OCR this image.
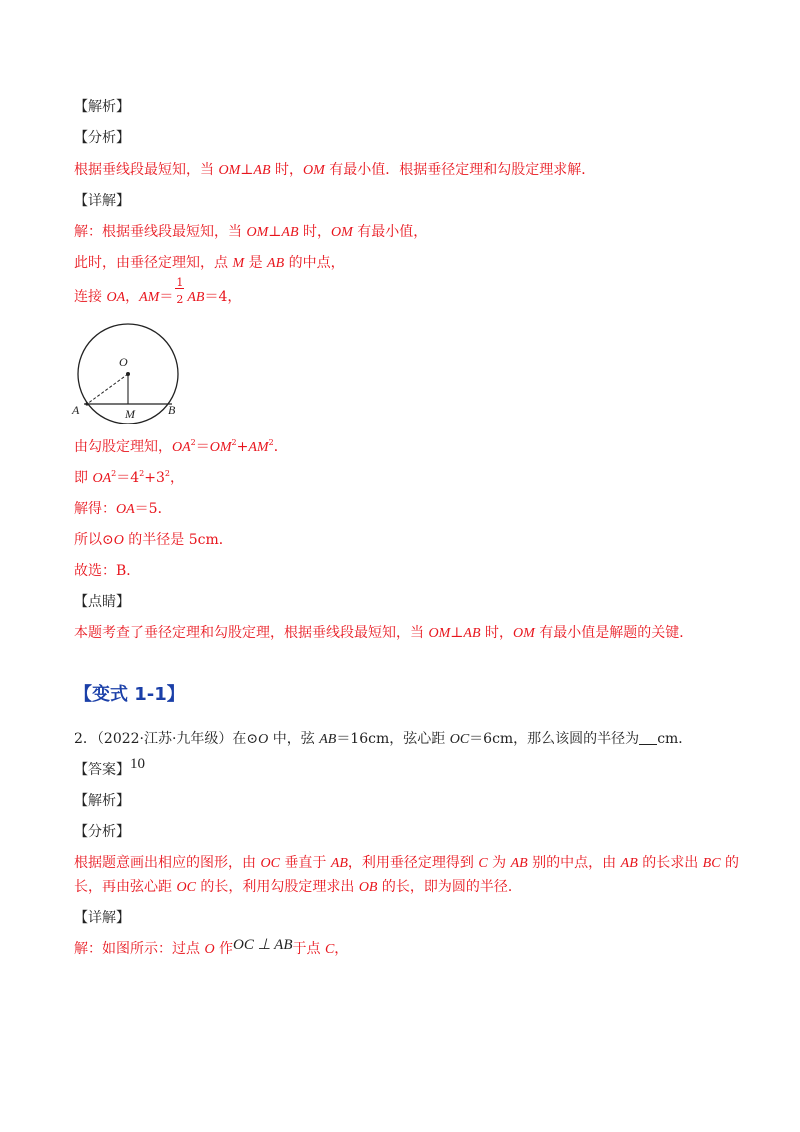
【解析】
【分析】
根据垂线段最短知，当 OM⊥AB 时，OM 有最小值．根据垂径定理和勾股定理求解．
【详解】
解：根据垂线段最短知，当 OM⊥AB 时，OM 有最小值，
此时，由垂径定理知，点 M 是 AB 的中点，
连接 OA，$AM= \frac{1}{2} AB=4$，
O
A	M	B
由勾股定理知，$OA^2=OM^2+AM^2$．
即 $OA^2=4^2+3^2$，
解得：OA＝5．
所以⊙O 的半径是 5cm．
故选：B．
【点睛】
本题考查了垂径定理和勾股定理，根据垂线段最短知，当 OM⊥AB 时，OM 有最小值是解题的关键．
【变式 1-1】
2．（2022·江苏·九年级）在⊙O 中，弦 AB＝16cm，弦心距 OC＝6cm，那么该圆的半径为 cm．
【答案】10
【解析】
【分析】
根据题意画出相应的图形，由 OC 垂直于 AB，利用垂径定理得到 C 为 AB 别的中点，由 AB 的长求出 BC 的
长，再由弦心距 OC 的长，利用勾股定理求出 OB 的长，即为圆的半径．
【详解】
解：如图所示：过点 O 作OC ⊥ AB于点 C，
